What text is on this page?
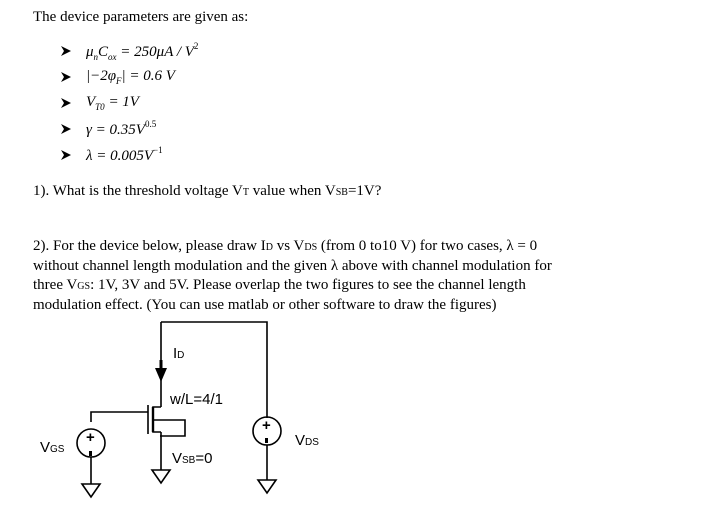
The device parameters are given as:
$\mu_nC_{ox} = 250\mu A / V^2$
$|-2\varphi_F| = 0.6$ V
$V_{T0} = 1V$
$\gamma = 0.35V^{0.5}$
$\lambda = 0.005V^{-1}$
1). What is the threshold voltage VT value when VSB=1V?
2). For the device below, please draw ID vs VDS (from 0 to10 V) for two cases, λ = 0
without channel length modulation and the given λ above with channel modulation for
three VGS: 1V, 3V and 5V. Please overlap the two figures to see the channel length
modulation effect. (You can use matlab or other software to draw the figures)
+
+
ID
w/L=4/1
VGS
VSB=0
VDS
